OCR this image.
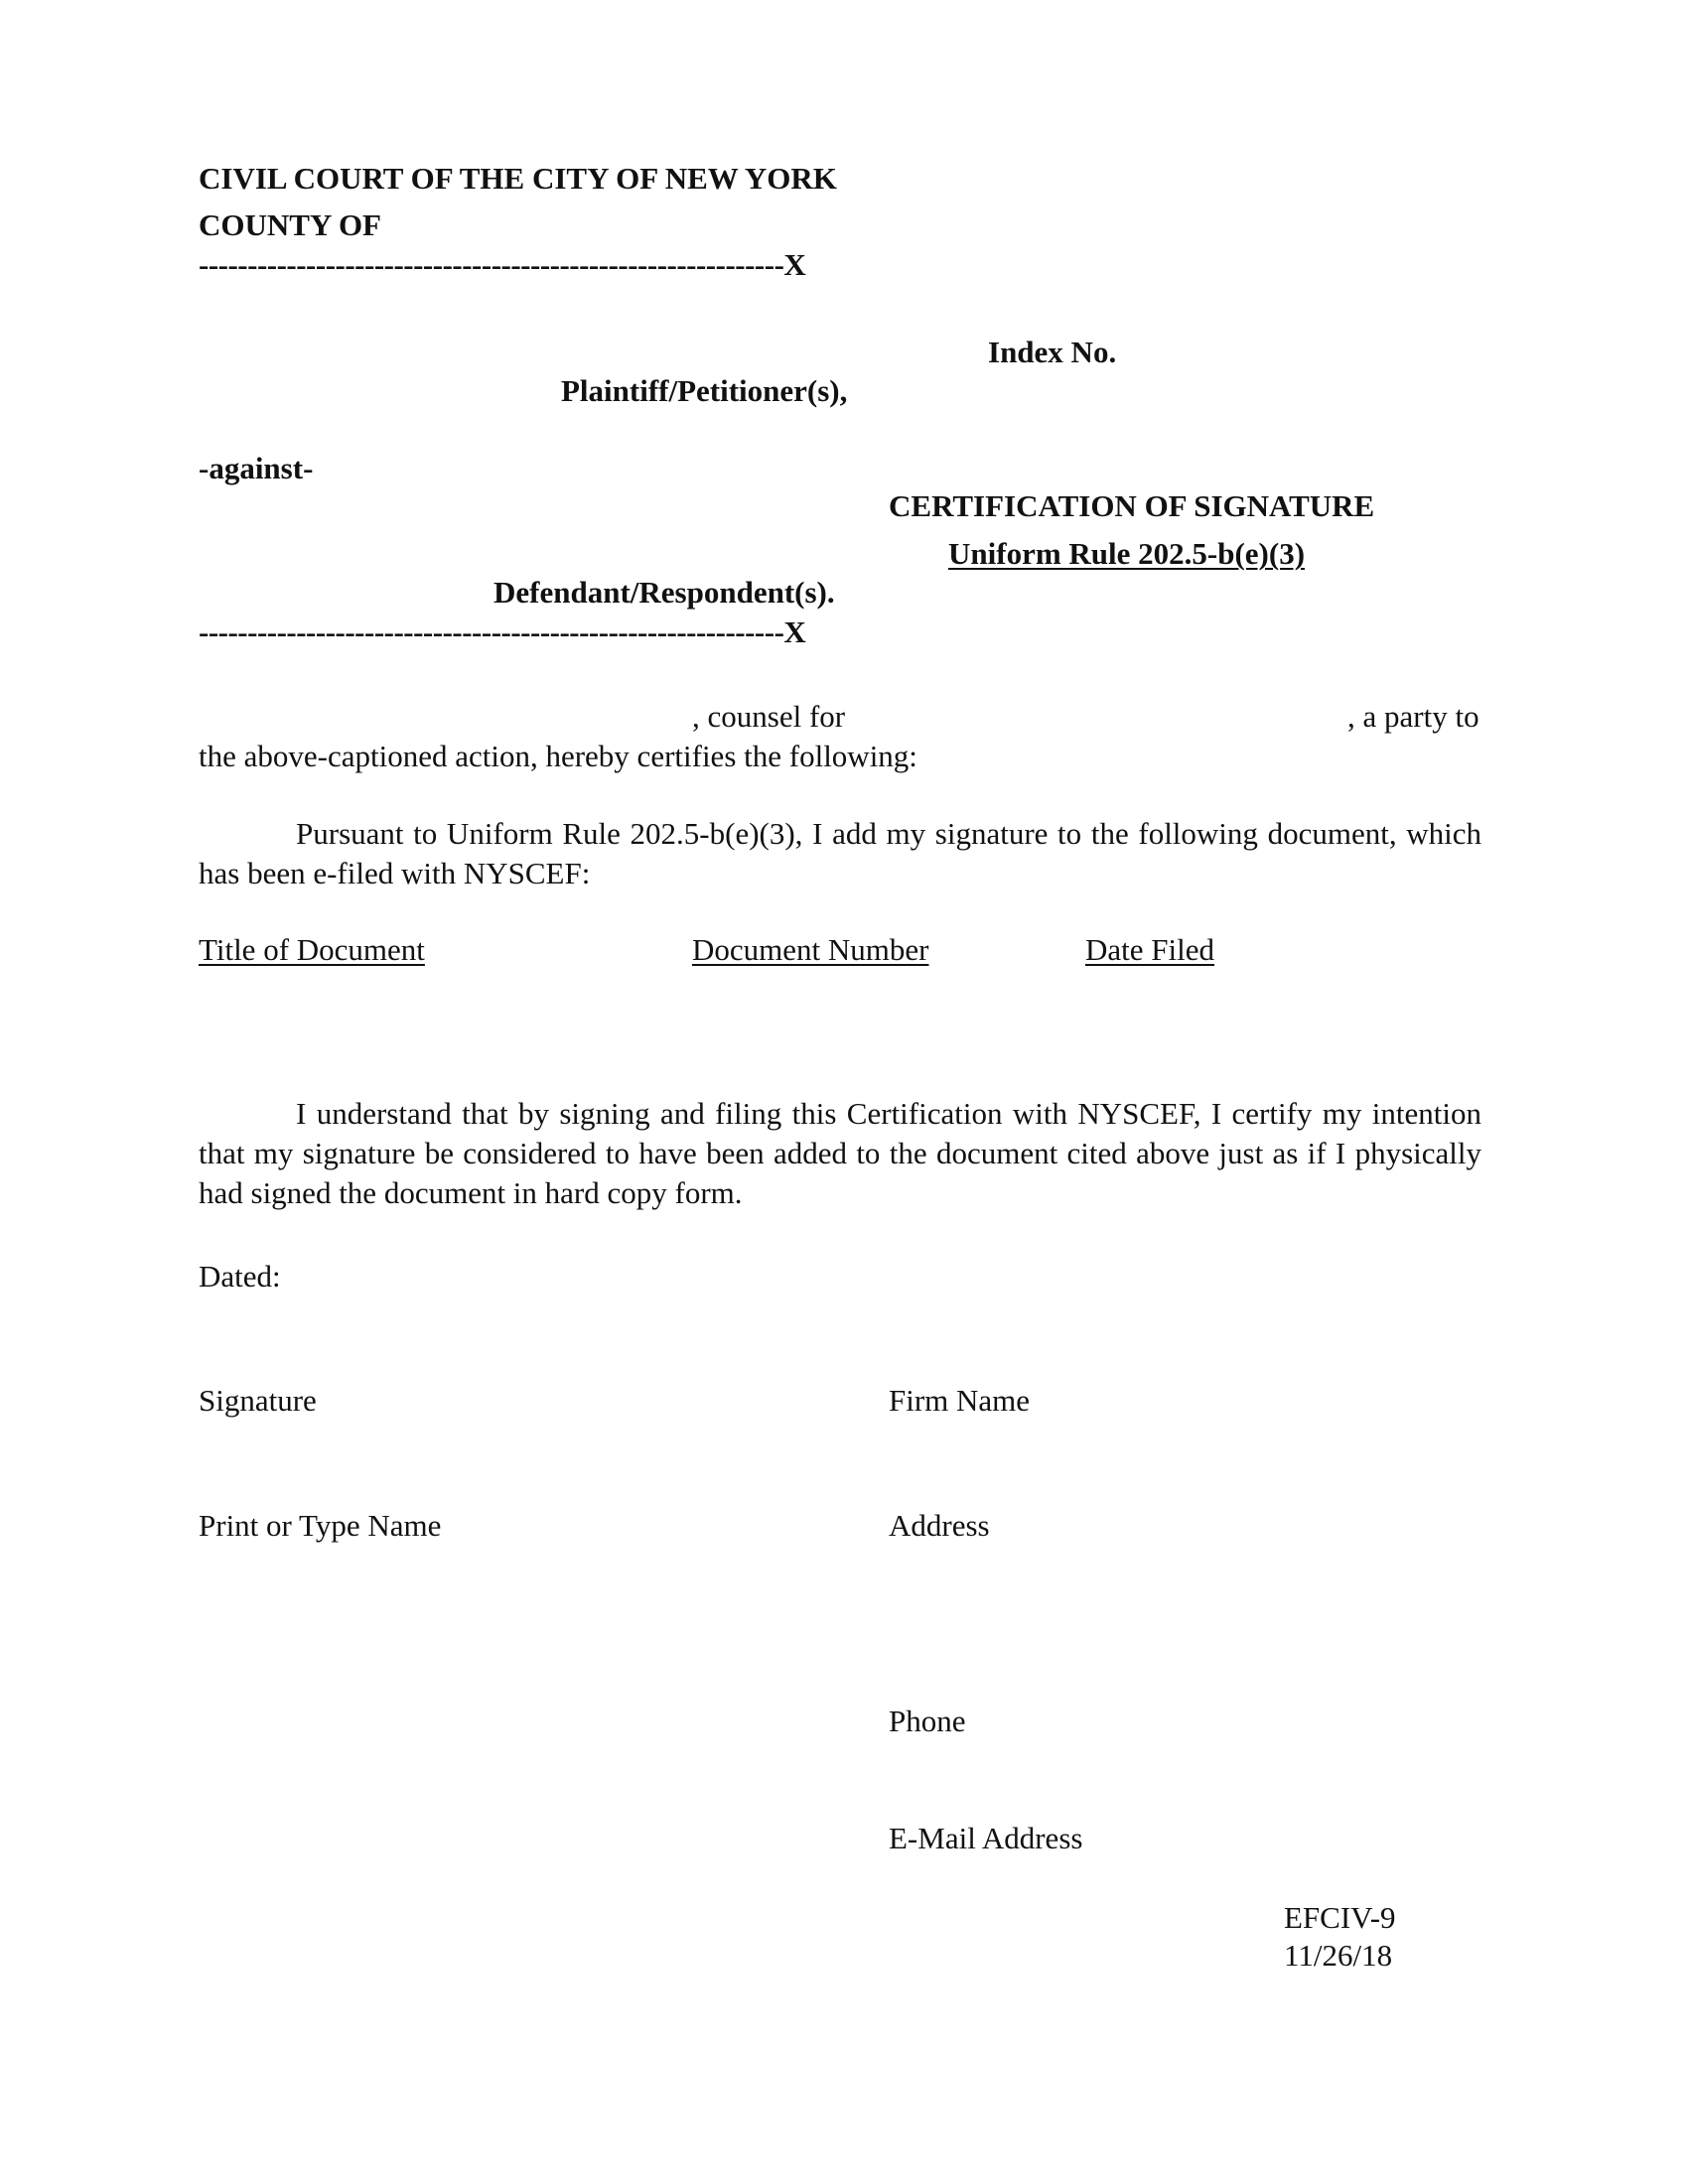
CIVIL COURT OF THE CITY OF NEW YORK
COUNTY OF
------------------------------------------------------------X
Index No.
Plaintiff/Petitioner(s),
-against-
CERTIFICATION OF SIGNATURE
Uniform Rule 202.5-b(e)(3)
Defendant/Respondent(s).
------------------------------------------------------------X
, counsel for	, a party to
the above-captioned action, hereby certifies the following:
Pursuant to Uniform Rule 202.5-b(e)(3), I add my signature to the following document, which has been e-filed with NYSCEF:
Title of Document	Document Number	Date Filed
I understand that by signing and filing this Certification with NYSCEF, I certify my intention that my signature be considered to have been added to the document cited above just as if I physically had signed the document in hard copy form.
Dated:
Signature	Firm Name
Print or Type Name	Address
Phone
E-Mail Address
EFCIV-9
11/26/18
